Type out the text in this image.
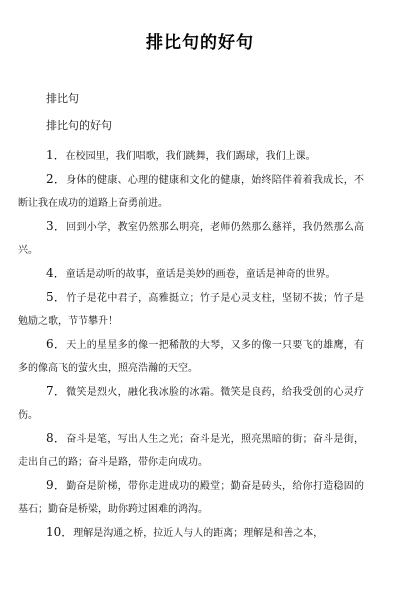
排比句的好句
排比句
排比句的好句

1．在校园里，我们唱歌，我们跳舞，我们踢球，我们上课。

2．身体的健康、心理的健康和文化的健康，始终陪伴着着我成长，不断让我在成功的道路上奋勇前进。

3．回到小学，教室仍然那么明亮，老师仍然那么慈祥，我仍然那么高兴。

4．童话是动听的故事，童话是美妙的画卷，童话是神奇的世界。

5．竹子是花中君子，高雅挺立；竹子是心灵支柱，坚韧不拔；竹子是勉励之歌，节节攀升！

6．天上的星星多的像一把稀散的大琴，又多的像一只要飞的雄鹰，有多的像高飞的萤火虫，照亮浩瀚的天空。

7．微笑是烈火，融化我冰脸的冰霜。微笑是良药，给我受创的心灵疗伤。

8．奋斗是笔，写出人生之光；奋斗是光，照亮黑暗的街；奋斗是街，走出自己的路；奋斗是路，带你走向成功。

9．勤奋是阶梯，带你走进成功的殿堂；勤奋是砖头，给你打造稳固的基石；勤奋是桥梁，助你跨过困难的鸿沟。

10．理解是沟通之桥，拉近人与人的距离；理解是和善之本，
